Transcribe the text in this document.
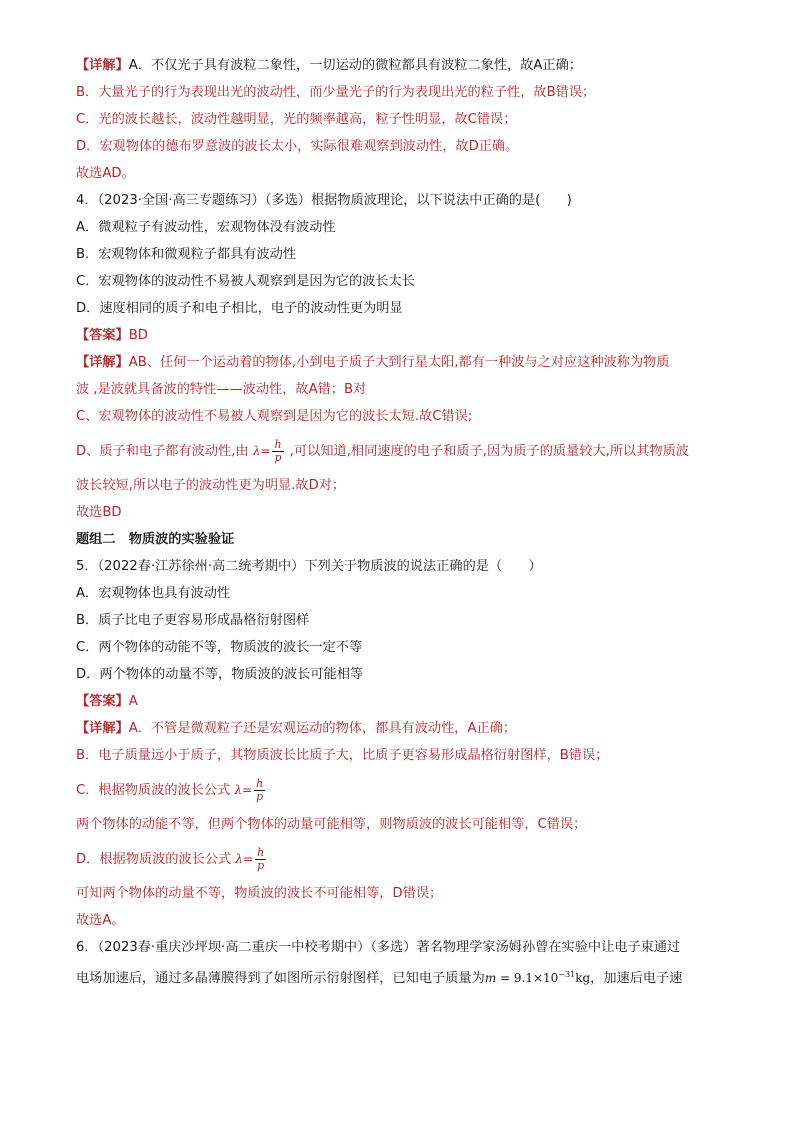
【详解】A．不仅光子具有波粒二象性，一切运动的微粒都具有波粒二象性，故A正确；
B．大量光子的行为表现出光的波动性，而少量光子的行为表现出光的粒子性，故B错误；
C．光的波长越长，波动性越明显，光的频率越高，粒子性明显，故C错误；
D．宏观物体的德布罗意波的波长太小，实际很难观察到波动性，故D正确。
故选AD。
4．（2023·全国·高三专题练习）（多选）根据物质波理论，以下说法中正确的是(　　)
A．微观粒子有波动性，宏观物体没有波动性
B．宏观物体和微观粒子都具有波动性
C．宏观物体的波动性不易被人观察到是因为它的波长太长
D．速度相同的质子和电子相比，电子的波动性更为明显
【答案】BD
【详解】AB、任何一个运动着的物体,小到电子质子大到行星太阳,都有一种波与之对应这种波称为物质
波 ,是波就具备波的特性——波动性，故A错；B对
C、宏观物体的波动性不易被人观察到是因为它的波长太短.故C错误;
D、质子和电子都有波动性,由 $\lambda= \frac{h}{p}$ ,可以知道,相同速度的电子和质子,因为质子的质量较大,所以其物质波
波长较短,所以电子的波动性更为明显.故D对；
故选BD
题组二　物质波的实验验证
5．（2022春·江苏徐州·高二统考期中）下列关于物质波的说法正确的是（　　）
A．宏观物体也具有波动性
B．质子比电子更容易形成晶格衍射图样
C．两个物体的动能不等，物质波的波长一定不等
D．两个物体的动量不等，物质波的波长可能相等
【答案】A
【详解】A．不管是微观粒子还是宏观运动的物体，都具有波动性，A正确；
B．电子质量远小于质子，其物质波长比质子大，比质子更容易形成晶格衍射图样，B错误；
C．根据物质波的波长公式 $\lambda= \frac{h}{p}$
两个物体的动能不等，但两个物体的动量可能相等，则物质波的波长可能相等，C错误；
D．根据物质波的波长公式 $\lambda= \frac{h}{p}$
可知两个物体的动量不等，物质波的波长不可能相等，D错误；
故选A。
6．（2023春·重庆沙坪坝·高二重庆一中校考期中）（多选）著名物理学家汤姆孙曾在实验中让电子束通过
电场加速后，通过多晶薄膜得到了如图所示衍射图样，已知电子质量为$m = 9.1\times 10^{-31}kg$，加速后电子速
